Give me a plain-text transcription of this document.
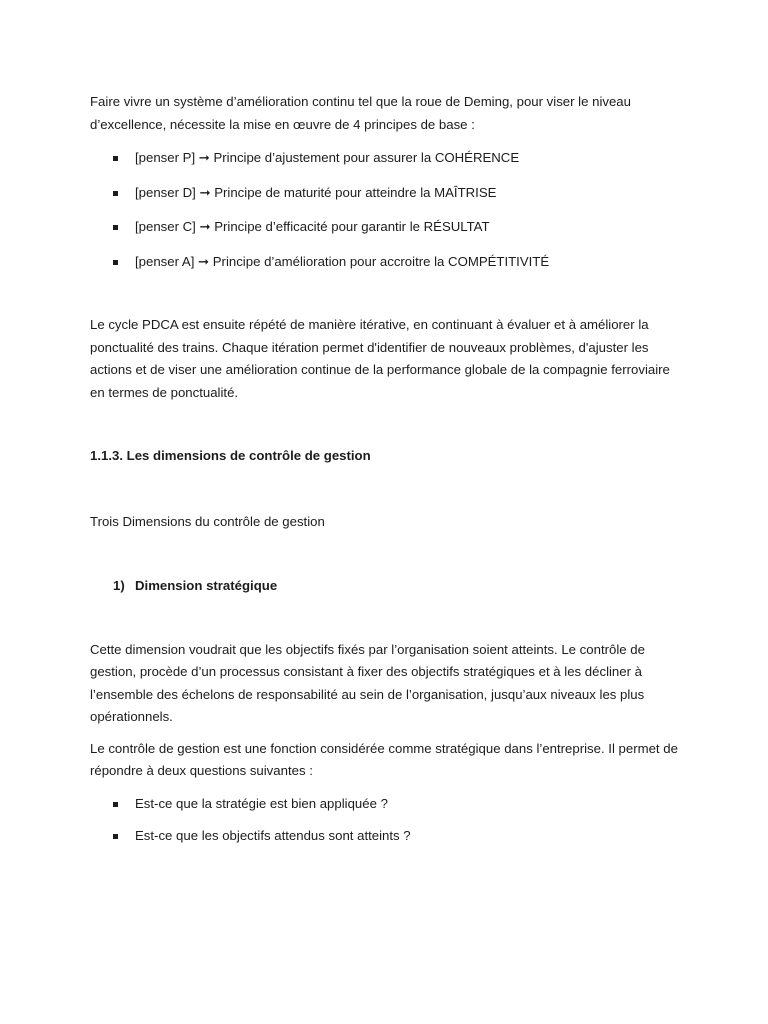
Faire vivre un système d’amélioration continu tel que la roue de Deming, pour viser le niveau d’excellence, nécessite la mise en œuvre de 4 principes de base :

[penser P] ➞ Principe d’ajustement pour assurer la COHÉRENCE
[penser D] ➞ Principe de maturité pour atteindre la MAÎTRISE
[penser C] ➞ Principe d’efficacité pour garantir le RÉSULTAT
[penser A] ➞ Principe d’amélioration pour accroitre la COMPÉTITIVITÉ

Le cycle PDCA est ensuite répété de manière itérative, en continuant à évaluer et à améliorer la ponctualité des trains. Chaque itération permet d'identifier de nouveaux problèmes, d'ajuster les actions et de viser une amélioration continue de la performance globale de la compagnie ferroviaire en termes de ponctualité.

1.1.3. Les dimensions de contrôle de gestion

Trois Dimensions du contrôle de gestion

1) Dimension stratégique

Cette dimension voudrait que les objectifs fixés par l’organisation soient atteints. Le contrôle de gestion, procède d’un processus consistant à fixer des objectifs stratégiques et à les décliner à l’ensemble des échelons de responsabilité au sein de l’organisation, jusqu’aux niveaux les plus opérationnels.

Le contrôle de gestion est une fonction considérée comme stratégique dans l’entreprise. Il permet de répondre à deux questions suivantes :

Est-ce que la stratégie est bien appliquée ?
Est-ce que les objectifs attendus sont atteints ?
